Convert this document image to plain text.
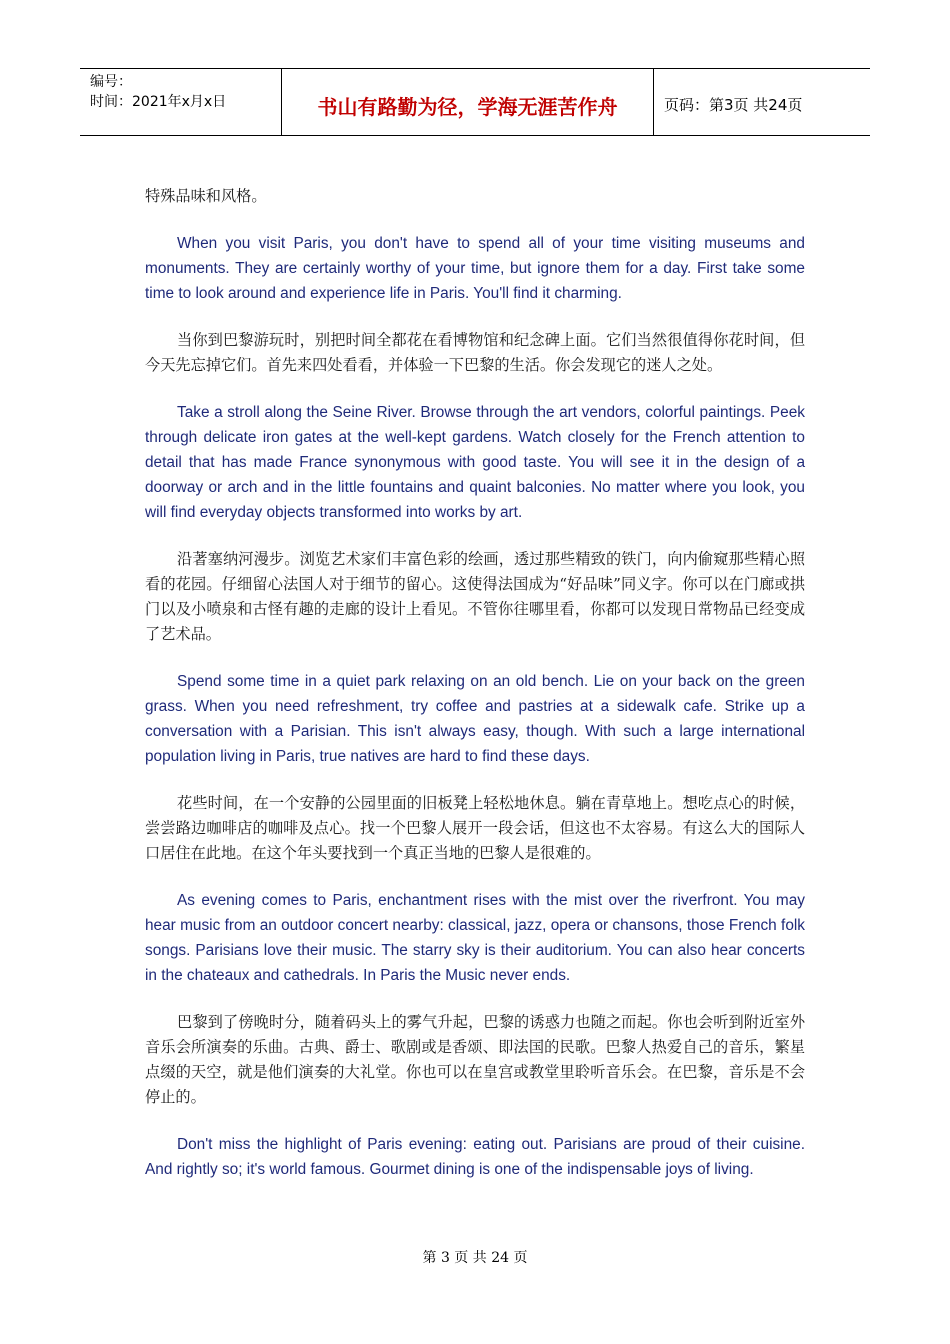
编号：
时间：2021年x月x日	书山有路勤为径，学海无涯苦作舟	页码：第3页 共24页

特殊品味和风格。

When you visit Paris, you don't have to spend all of your time visiting museums and monuments. They are certainly worthy of your time, but ignore them for a day. First take some time to look around and experience life in Paris. You'll find it charming.

当你到巴黎游玩时，别把时间全都花在看博物馆和纪念碑上面。它们当然很值得你花时间，但今天先忘掉它们。首先来四处看看，并体验一下巴黎的生活。你会发现它的迷人之处。

Take a stroll along the Seine River. Browse through the art vendors, colorful paintings. Peek through delicate iron gates at the well-kept gardens. Watch closely for the French attention to detail that has made France synonymous with good taste. You will see it in the design of a doorway or arch and in the little fountains and quaint balconies. No matter where you look, you will find everyday objects transformed into works by art.

沿著塞纳河漫步。浏览艺术家们丰富色彩的绘画，透过那些精致的铁门，向内偷窥那些精心照看的花园。仔细留心法国人对于细节的留心。这使得法国成为“好品味”同义字。你可以在门廊或拱门以及小喷泉和古怪有趣的走廊的设计上看见。不管你往哪里看，你都可以发现日常物品已经变成了艺术品。

Spend some time in a quiet park relaxing on an old bench. Lie on your back on the green grass. When you need refreshment, try coffee and pastries at a sidewalk cafe. Strike up a conversation with a Parisian. This isn't always easy, though. With such a large international population living in Paris, true natives are hard to find these days.

花些时间，在一个安静的公园里面的旧板凳上轻松地休息。躺在青草地上。想吃点心的时候，尝尝路边咖啡店的咖啡及点心。找一个巴黎人展开一段会话，但这也不太容易。有这么大的国际人口居住在此地。在这个年头要找到一个真正当地的巴黎人是很难的。

As evening comes to Paris, enchantment rises with the mist over the riverfront. You may hear music from an outdoor concert nearby: classical, jazz, opera or chansons, those French folk songs. Parisians love their music. The starry sky is their auditorium. You can also hear concerts in the chateaux and cathedrals. In Paris the Music never ends.

巴黎到了傍晚时分，随着码头上的雾气升起，巴黎的诱惑力也随之而起。你也会听到附近室外音乐会所演奏的乐曲。古典、爵士、歌剧或是香颂、即法国的民歌。巴黎人热爱自己的音乐，繁星点缀的天空，就是他们演奏的大礼堂。你也可以在皇宫或教堂里聆听音乐会。在巴黎，音乐是不会停止的。

Don't miss the highlight of Paris evening: eating out. Parisians are proud of their cuisine. And rightly so; it's world famous. Gourmet dining is one of the indispensable joys of living.

第 3 页 共 24 页
